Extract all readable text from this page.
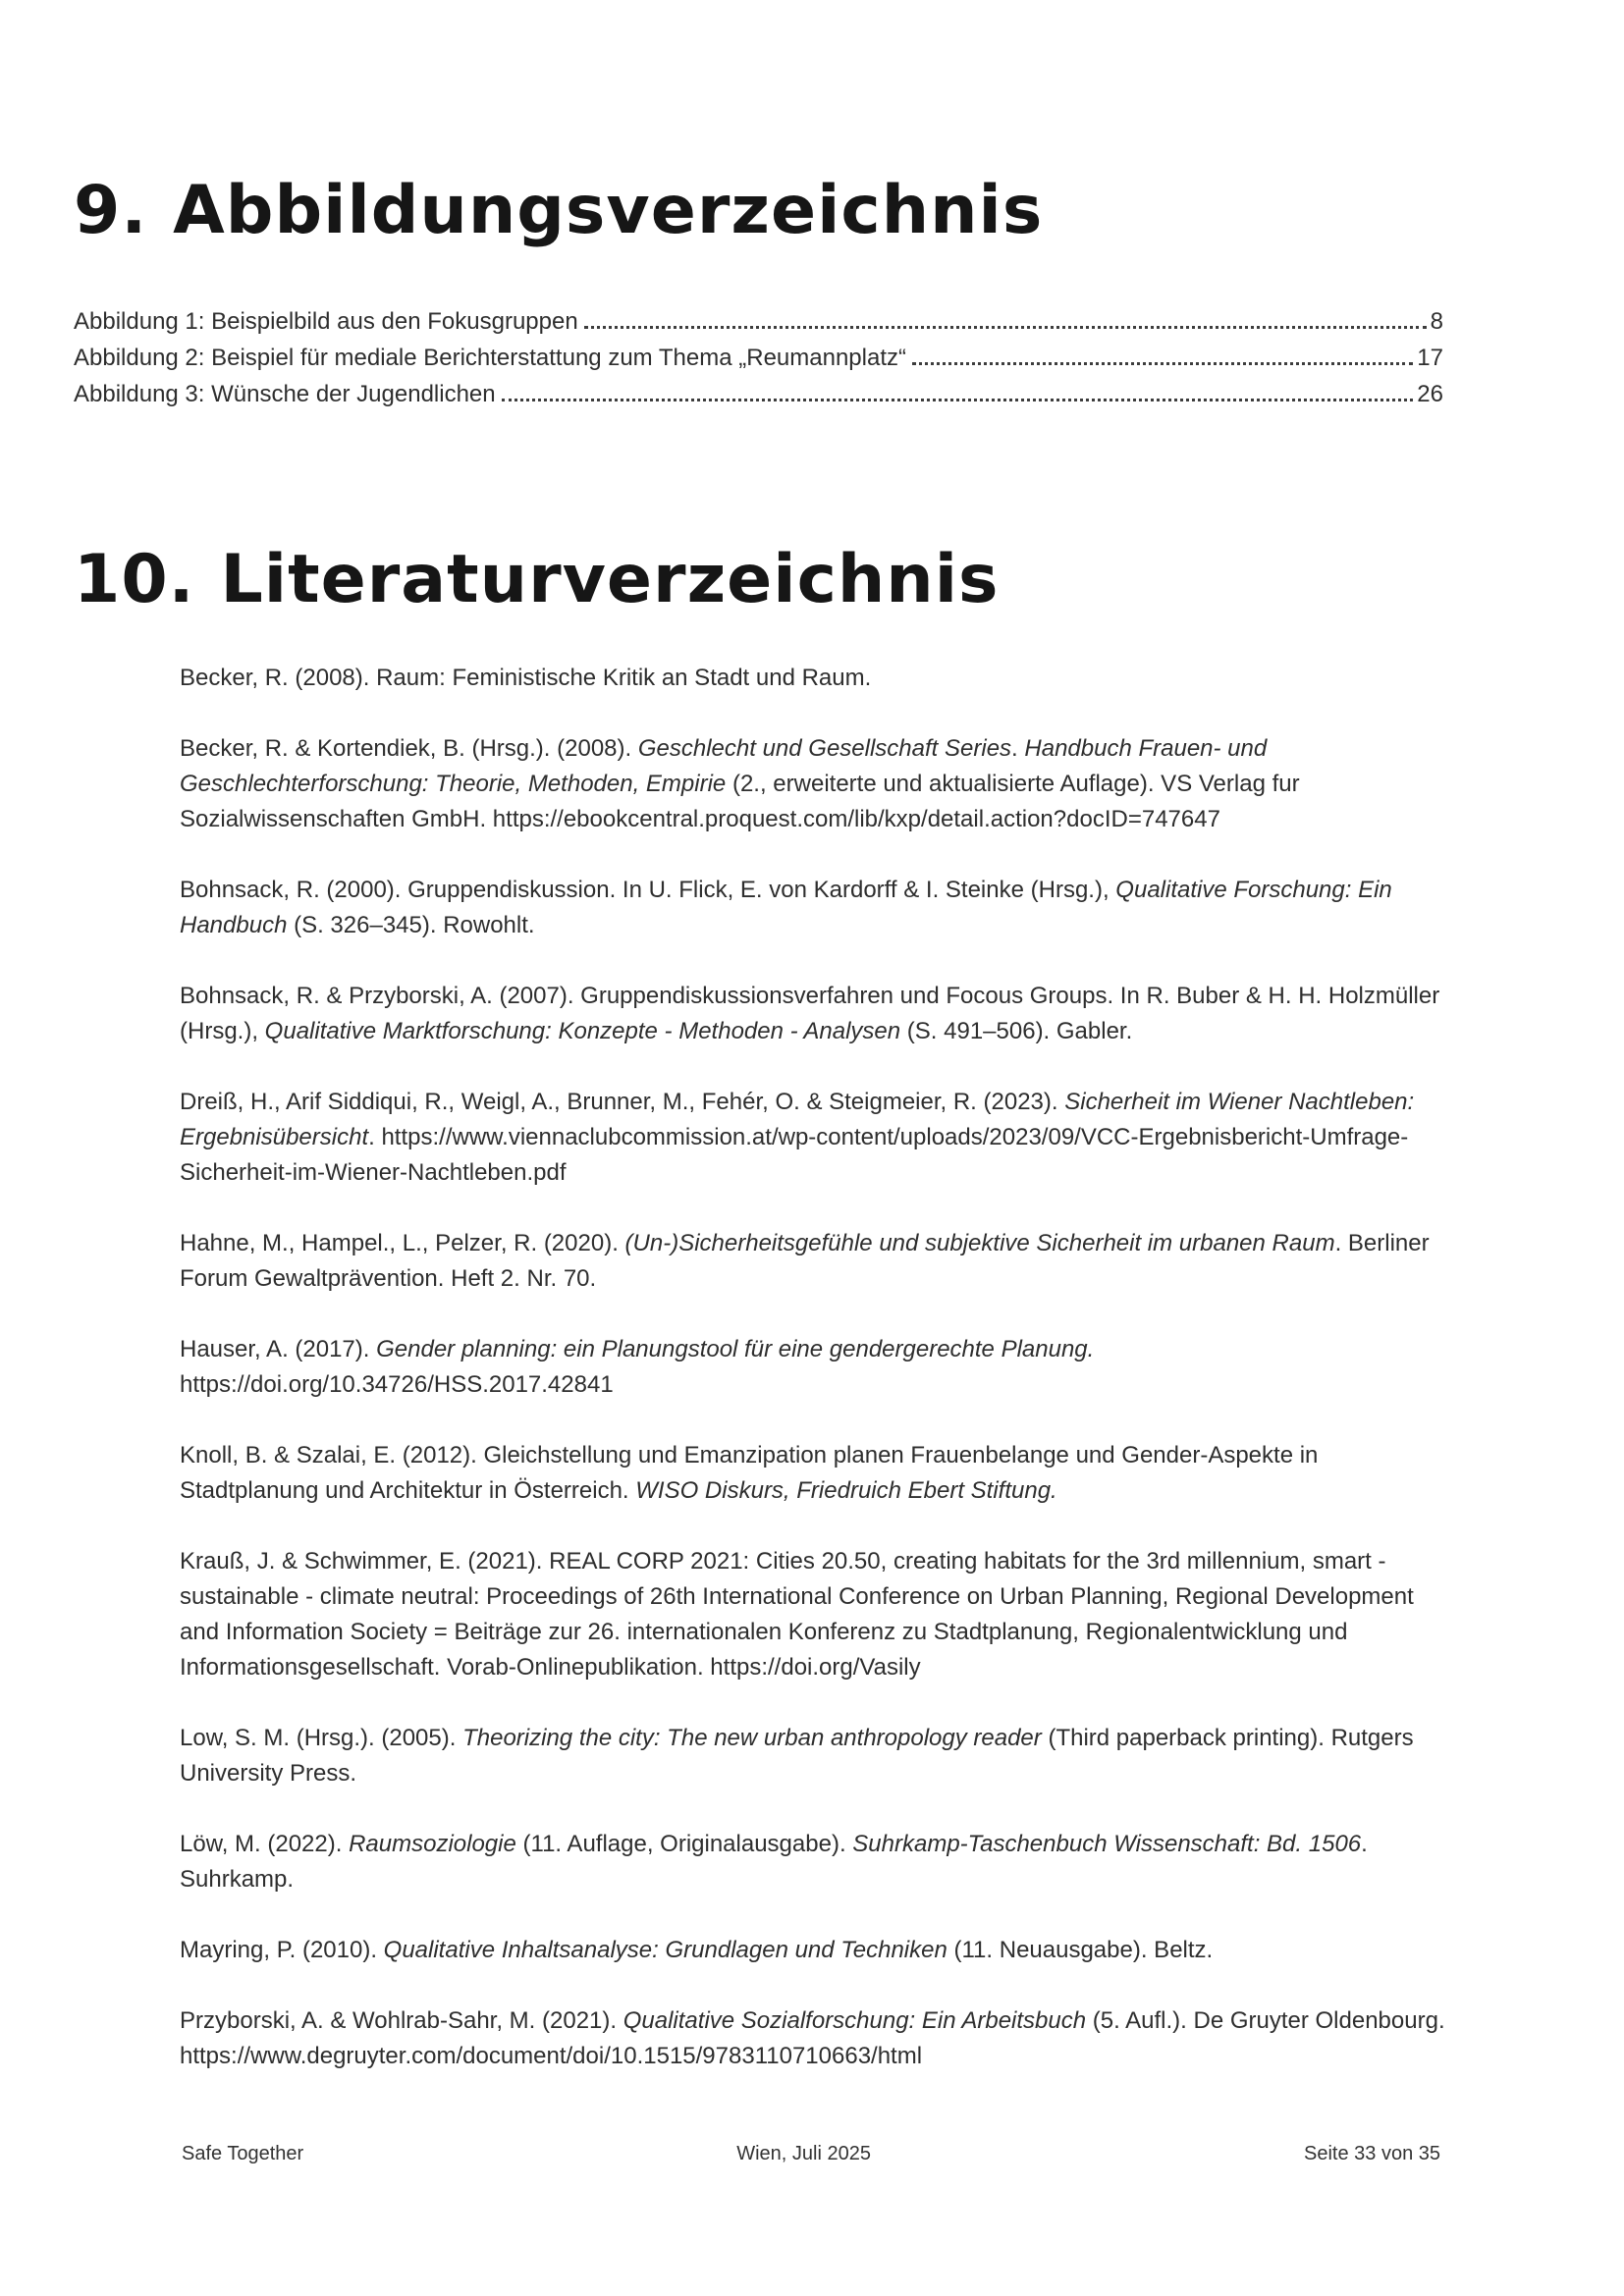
9. Abbildungsverzeichnis
Abbildung 1: Beispielbild aus den Fokusgruppen	8
Abbildung 2: Beispiel für mediale Berichterstattung zum Thema „Reumannplatz“	17
Abbildung 3: Wünsche der Jugendlichen	26
10. Literaturverzeichnis

Becker, R. (2008). Raum: Feministische Kritik an Stadt und Raum.

Becker, R. & Kortendiek, B. (Hrsg.). (2008). Geschlecht und Gesellschaft Series. Handbuch Frauen- und Geschlechterforschung: Theorie, Methoden, Empirie (2., erweiterte und aktualisierte Auflage). VS Verlag fur Sozialwissenschaften GmbH. https://ebookcentral.proquest.com/lib/kxp/detail.action?docID=747647

Bohnsack, R. (2000). Gruppendiskussion. In U. Flick, E. von Kardorff & I. Steinke (Hrsg.), Qualitative Forschung: Ein Handbuch (S. 326–345). Rowohlt.

Bohnsack, R. & Przyborski, A. (2007). Gruppendiskussionsverfahren und Focous Groups. In R. Buber & H. H. Holzmüller (Hrsg.), Qualitative Marktforschung: Konzepte - Methoden - Analysen (S. 491–506). Gabler.

Dreiß, H., Arif Siddiqui, R., Weigl, A., Brunner, M., Fehér, O. & Steigmeier, R. (2023). Sicherheit im Wiener Nachtleben: Ergebnisübersicht. https://www.viennaclubcommission.at/wp-content/uploads/2023/09/VCC-Ergebnisbericht-Umfrage-Sicherheit-im-Wiener-Nachtleben.pdf

Hahne, M., Hampel., L., Pelzer, R. (2020). (Un-)Sicherheitsgefühle und subjektive Sicherheit im urbanen Raum. Berliner Forum Gewaltprävention. Heft 2. Nr. 70.

Hauser, A. (2017). Gender planning: ein Planungstool für eine gendergerechte Planung. https://doi.org/10.34726/HSS.2017.42841

Knoll, B. & Szalai, E. (2012). Gleichstellung und Emanzipation planen Frauenbelange und Gender-Aspekte in Stadtplanung und Architektur in Österreich. WISO Diskurs, Friedruich Ebert Stiftung.

Krauß, J. & Schwimmer, E. (2021). REAL CORP 2021: Cities 20.50, creating habitats for the 3rd millennium, smart - sustainable - climate neutral: Proceedings of 26th International Conference on Urban Planning, Regional Development and Information Society = Beiträge zur 26. internationalen Konferenz zu Stadtplanung, Regionalentwicklung und Informationsgesellschaft. Vorab-Onlinepublikation. https://doi.org/Vasily

Low, S. M. (Hrsg.). (2005). Theorizing the city: The new urban anthropology reader (Third paperback printing). Rutgers University Press.

Löw, M. (2022). Raumsoziologie (11. Auflage, Originalausgabe). Suhrkamp-Taschenbuch Wissenschaft: Bd. 1506. Suhrkamp.

Mayring, P. (2010). Qualitative Inhaltsanalyse: Grundlagen und Techniken (11. Neuausgabe). Beltz.

Przyborski, A. & Wohlrab-Sahr, M. (2021). Qualitative Sozialforschung: Ein Arbeitsbuch (5. Aufl.). De Gruyter Oldenbourg. https://www.degruyter.com/document/doi/10.1515/9783110710663/html

Safe Together	Wien, Juli 2025	Seite 33 von 35
